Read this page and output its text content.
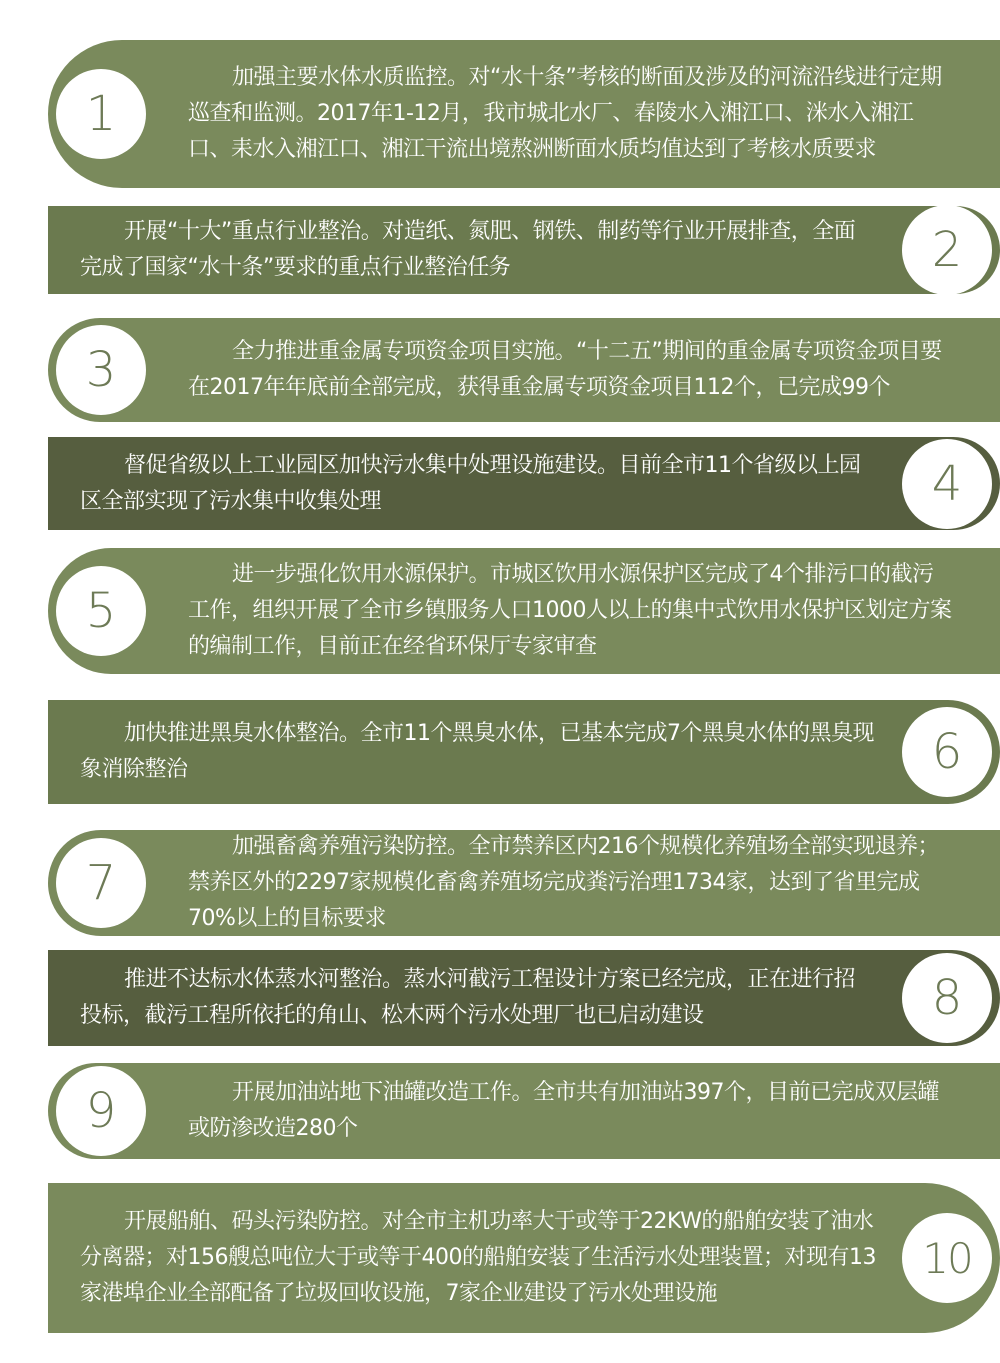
1
加强主要水体水质监控。对“水十条”考核的断面及涉及的河流沿线进行定期巡查和监测。2017年1-12月，我市城北水厂、春陵水入湘江口、洣水入湘江口、耒水入湘江口、湘江干流出境熬洲断面水质均值达到了考核水质要求
2
开展“十大”重点行业整治。对造纸、氮肥、钢铁、制药等行业开展排查，全面完成了国家“水十条”要求的重点行业整治任务
3	全力推进重金属专项资金项目实施。“十二五”期间的重金属专项资金项目要在2017年年底前全部完成，获得重金属专项资金项目112个，已完成99个
4
督促省级以上工业园区加快污水集中处理设施建设。目前全市11个省级以上园区全部实现了污水集中收集处理
5
进一步强化饮用水源保护。市城区饮用水源保护区完成了4个排污口的截污工作，组织开展了全市乡镇服务人口1000人以上的集中式饮用水保护区划定方案的编制工作，目前正在经省环保厅专家审查
6
加快推进黑臭水体整治。全市11个黑臭水体，已基本完成7个黑臭水体的黑臭现象消除整治
7
加强畜禽养殖污染防控。全市禁养区内216个规模化养殖场全部实现退养；禁养区外的2297家规模化畜禽养殖场完成粪污治理1734家，达到了省里完成70%以上的目标要求
8
推进不达标水体蒸水河整治。蒸水河截污工程设计方案已经完成，正在进行招投标，截污工程所依托的角山、松木两个污水处理厂也已启动建设
9	开展加油站地下油罐改造工作。全市共有加油站397个，目前已完成双层罐或防渗改造280个
10
开展船舶、码头污染防控。对全市主机功率大于或等于22KW的船舶安装了油水分离器；对156艘总吨位大于或等于400的船舶安装了生活污水处理装置；对现有13家港埠企业全部配备了垃圾回收设施，7家企业建设了污水处理设施
